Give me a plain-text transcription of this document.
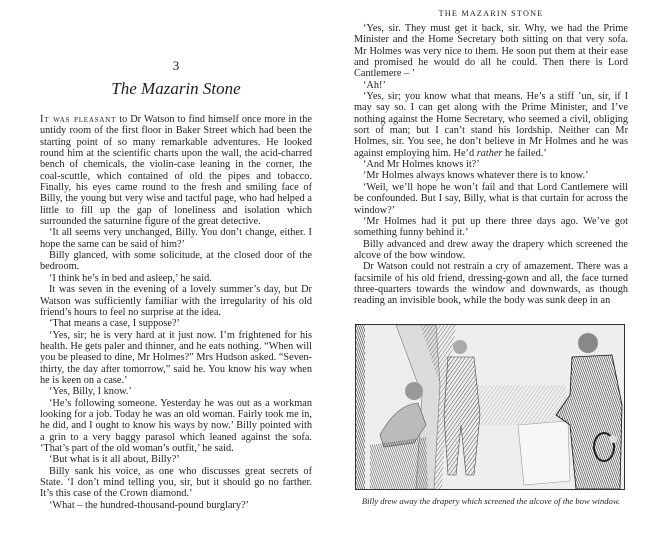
3
The Mazarin Stone

It was pleasant to Dr Watson to find himself once more in the untidy room of the first floor in Baker Street which had been the starting point of so many remarkable adventures. He looked round him at the scientific charts upon the wall, the acid-charred bench of chemicals, the violin-case leaning in the corner, the coal-scuttle, which contained of old the pipes and tobacco. Finally, his eyes came round to the fresh and smiling face of Billy, the young but very wise and tactful page, who had helped a little to fill up the gap of loneliness and isolation which surrounded the saturnine figure of the great detective.

‘It all seems very unchanged, Billy. You don’t change, either. I hope the same can be said of him?’

Billy glanced, with some solicitude, at the closed door of the bedroom.

‘I think he’s in bed and asleep,’ he said.

It was seven in the evening of a lovely summer’s day, but Dr Watson was sufficiently familiar with the irregularity of his old friend’s hours to feel no surprise at the idea.

‘That means a case, I suppose?’

‘Yes, sir; he is very hard at it just now. I’m frightened for his health. He gets paler and thinner, and he eats nothing. “When will you be pleased to dine, Mr Holmes?” Mrs Hudson asked. “Seven-thirty, the day after tomorrow,” said he. You know his way when he is keen on a case.’

‘Yes, Billy, I know.’

‘He’s following someone. Yesterday he was out as a workman looking for a job. Today he was an old woman. Fairly took me in, he did, and I ought to know his ways by now.’ Billy pointed with a grin to a very baggy parasol which leaned against the sofa. ‘That’s part of the old woman’s outfit,’ he said.

‘But what is it all about, Billy?’

Billy sank his voice, as one who discusses great secrets of State. ‘I don’t mind telling you, sir, but it should go no farther. It’s this case of the Crown diamond.’

‘What – the hundred-thousand-pound burglary?’

THE MAZARIN STONE

‘Yes, sir. They must get it back, sir. Why, we had the Prime Minister and the Home Secretary both sitting on that very sofa. Mr Holmes was very nice to them. He soon put them at their ease and promised he would do all he could. Then there is Lord Cantlemere – ’

‘Ah!’

‘Yes, sir; you know what that means. He’s a stiff ’un, sir, if I may say so. I can get along with the Prime Minister, and I’ve nothing against the Home Secretary, who seemed a civil, obliging sort of man; but I can’t stand his lordship. Neither can Mr Holmes, sir. You see, he don’t believe in Mr Holmes and he was against employing him. He’d rather he failed.’

‘And Mr Holmes knows it?’

‘Mr Holmes always knows whatever there is to know.’

‘Weil, we’ll hope he won’t fail and that Lord Cantlemere will be confounded. But I say, Billy, what is that curtain for across the window?’

‘Mr Holmes had it put up there three days ago. We’ve got something funny behind it.’

Billy advanced and drew away the drapery which screened the alcove of the bow window.

Dr Watson could not restrain a cry of amazement. There was a facsimile of his old friend, dressing-gown and all, the face turned three-quarters towards the window and downwards, as though reading an invisible book, while the body was sunk deep in an

Billy drew away the drapery which screened the alcove of the bow window.
